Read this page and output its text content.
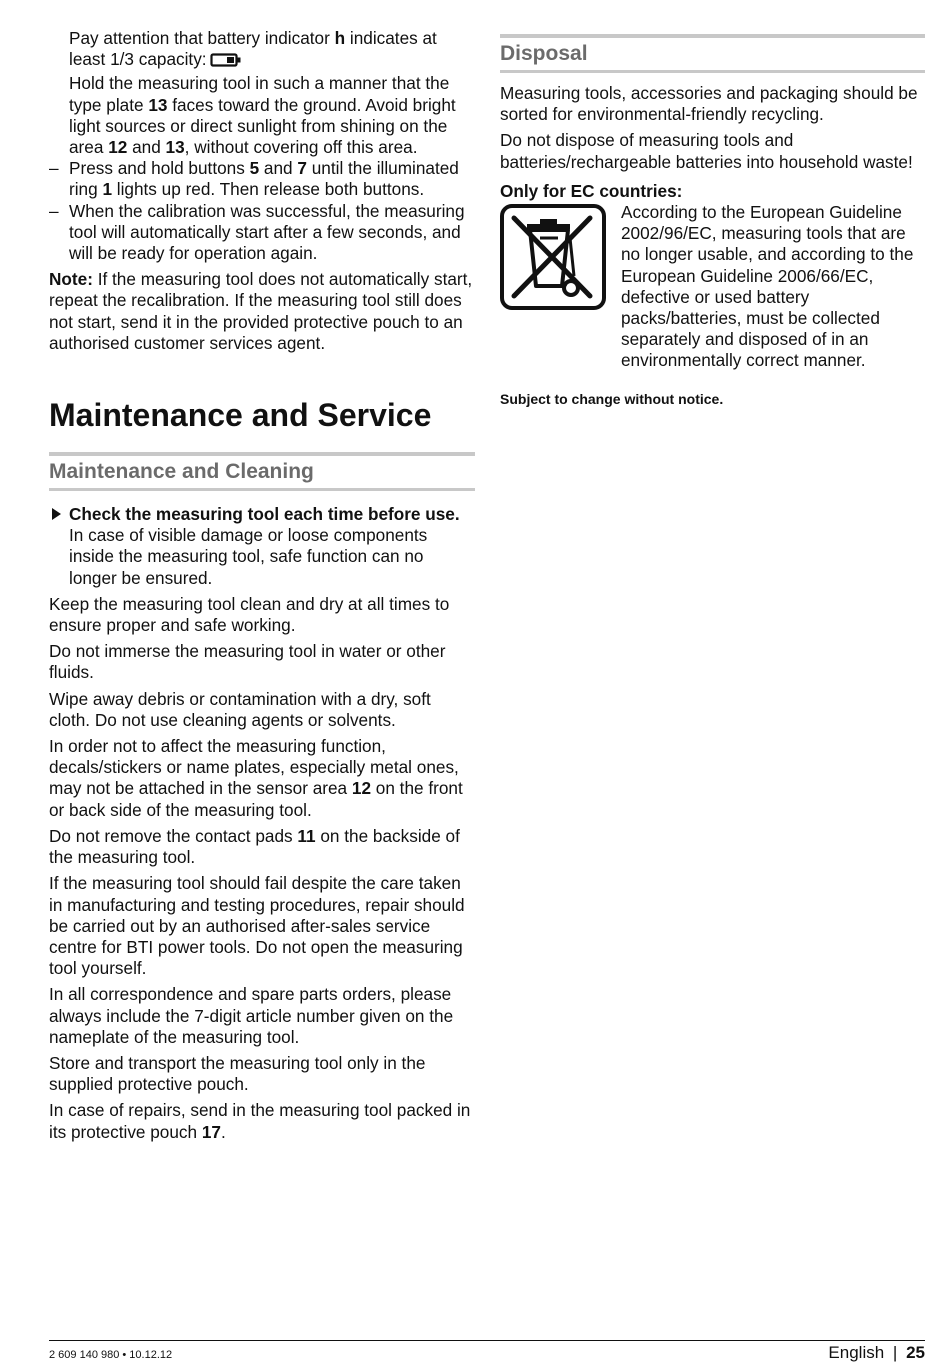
Pay attention that battery indicator h indicates at least 1/3 capacity:

Hold the measuring tool in such a manner that the type plate 13 faces toward the ground. Avoid bright light sources or direct sunlight from shining on the area 12 and 13, without covering off this area.

– Press and hold buttons 5 and 7 until the illuminated ring 1 lights up red. Then release both buttons.

– When the calibration was successful, the measuring tool will automatically start after a few seconds, and will be ready for operation again.

Note: If the measuring tool does not automatically start, repeat the recalibration. If the measuring tool still does not start, send it in the provided protective pouch to an authorised customer services agent.

Maintenance and Service
Maintenance and Cleaning

Check the measuring tool each time before use. In case of visible damage or loose components inside the measuring tool, safe function can no longer be ensured.

Keep the measuring tool clean and dry at all times to ensure proper and safe working.

Do not immerse the measuring tool in water or other fluids.

Wipe away debris or contamination with a dry, soft cloth. Do not use cleaning agents or solvents.

In order not to affect the measuring function, decals/stickers or name plates, especially metal ones, may not be attached in the sensor area 12 on the front or back side of the measuring tool.

Do not remove the contact pads 11 on the backside of the measuring tool.

If the measuring tool should fail despite the care taken in manufacturing and testing procedures, repair should be carried out by an authorised after-sales service centre for BTI power tools. Do not open the measuring tool yourself.

In all correspondence and spare parts orders, please always include the 7-digit article number given on the nameplate of the measuring tool.

Store and transport the measuring tool only in the supplied protective pouch.

In case of repairs, send in the measuring tool packed in its protective pouch 17.

Disposal

Measuring tools, accessories and packaging should be sorted for environmental-friendly recycling.

Do not dispose of measuring tools and batteries/rechargeable batteries into household waste!

Only for EC countries:

According to the European Guideline 2002/96/EC, measuring tools that are no longer usable, and according to the European Guideline 2006/66/EC, defective or used battery packs/batteries, must be collected separately and disposed of in an environmentally correct manner.

Subject to change without notice.

2 609 140 980 • 10.12.12	English | 25
